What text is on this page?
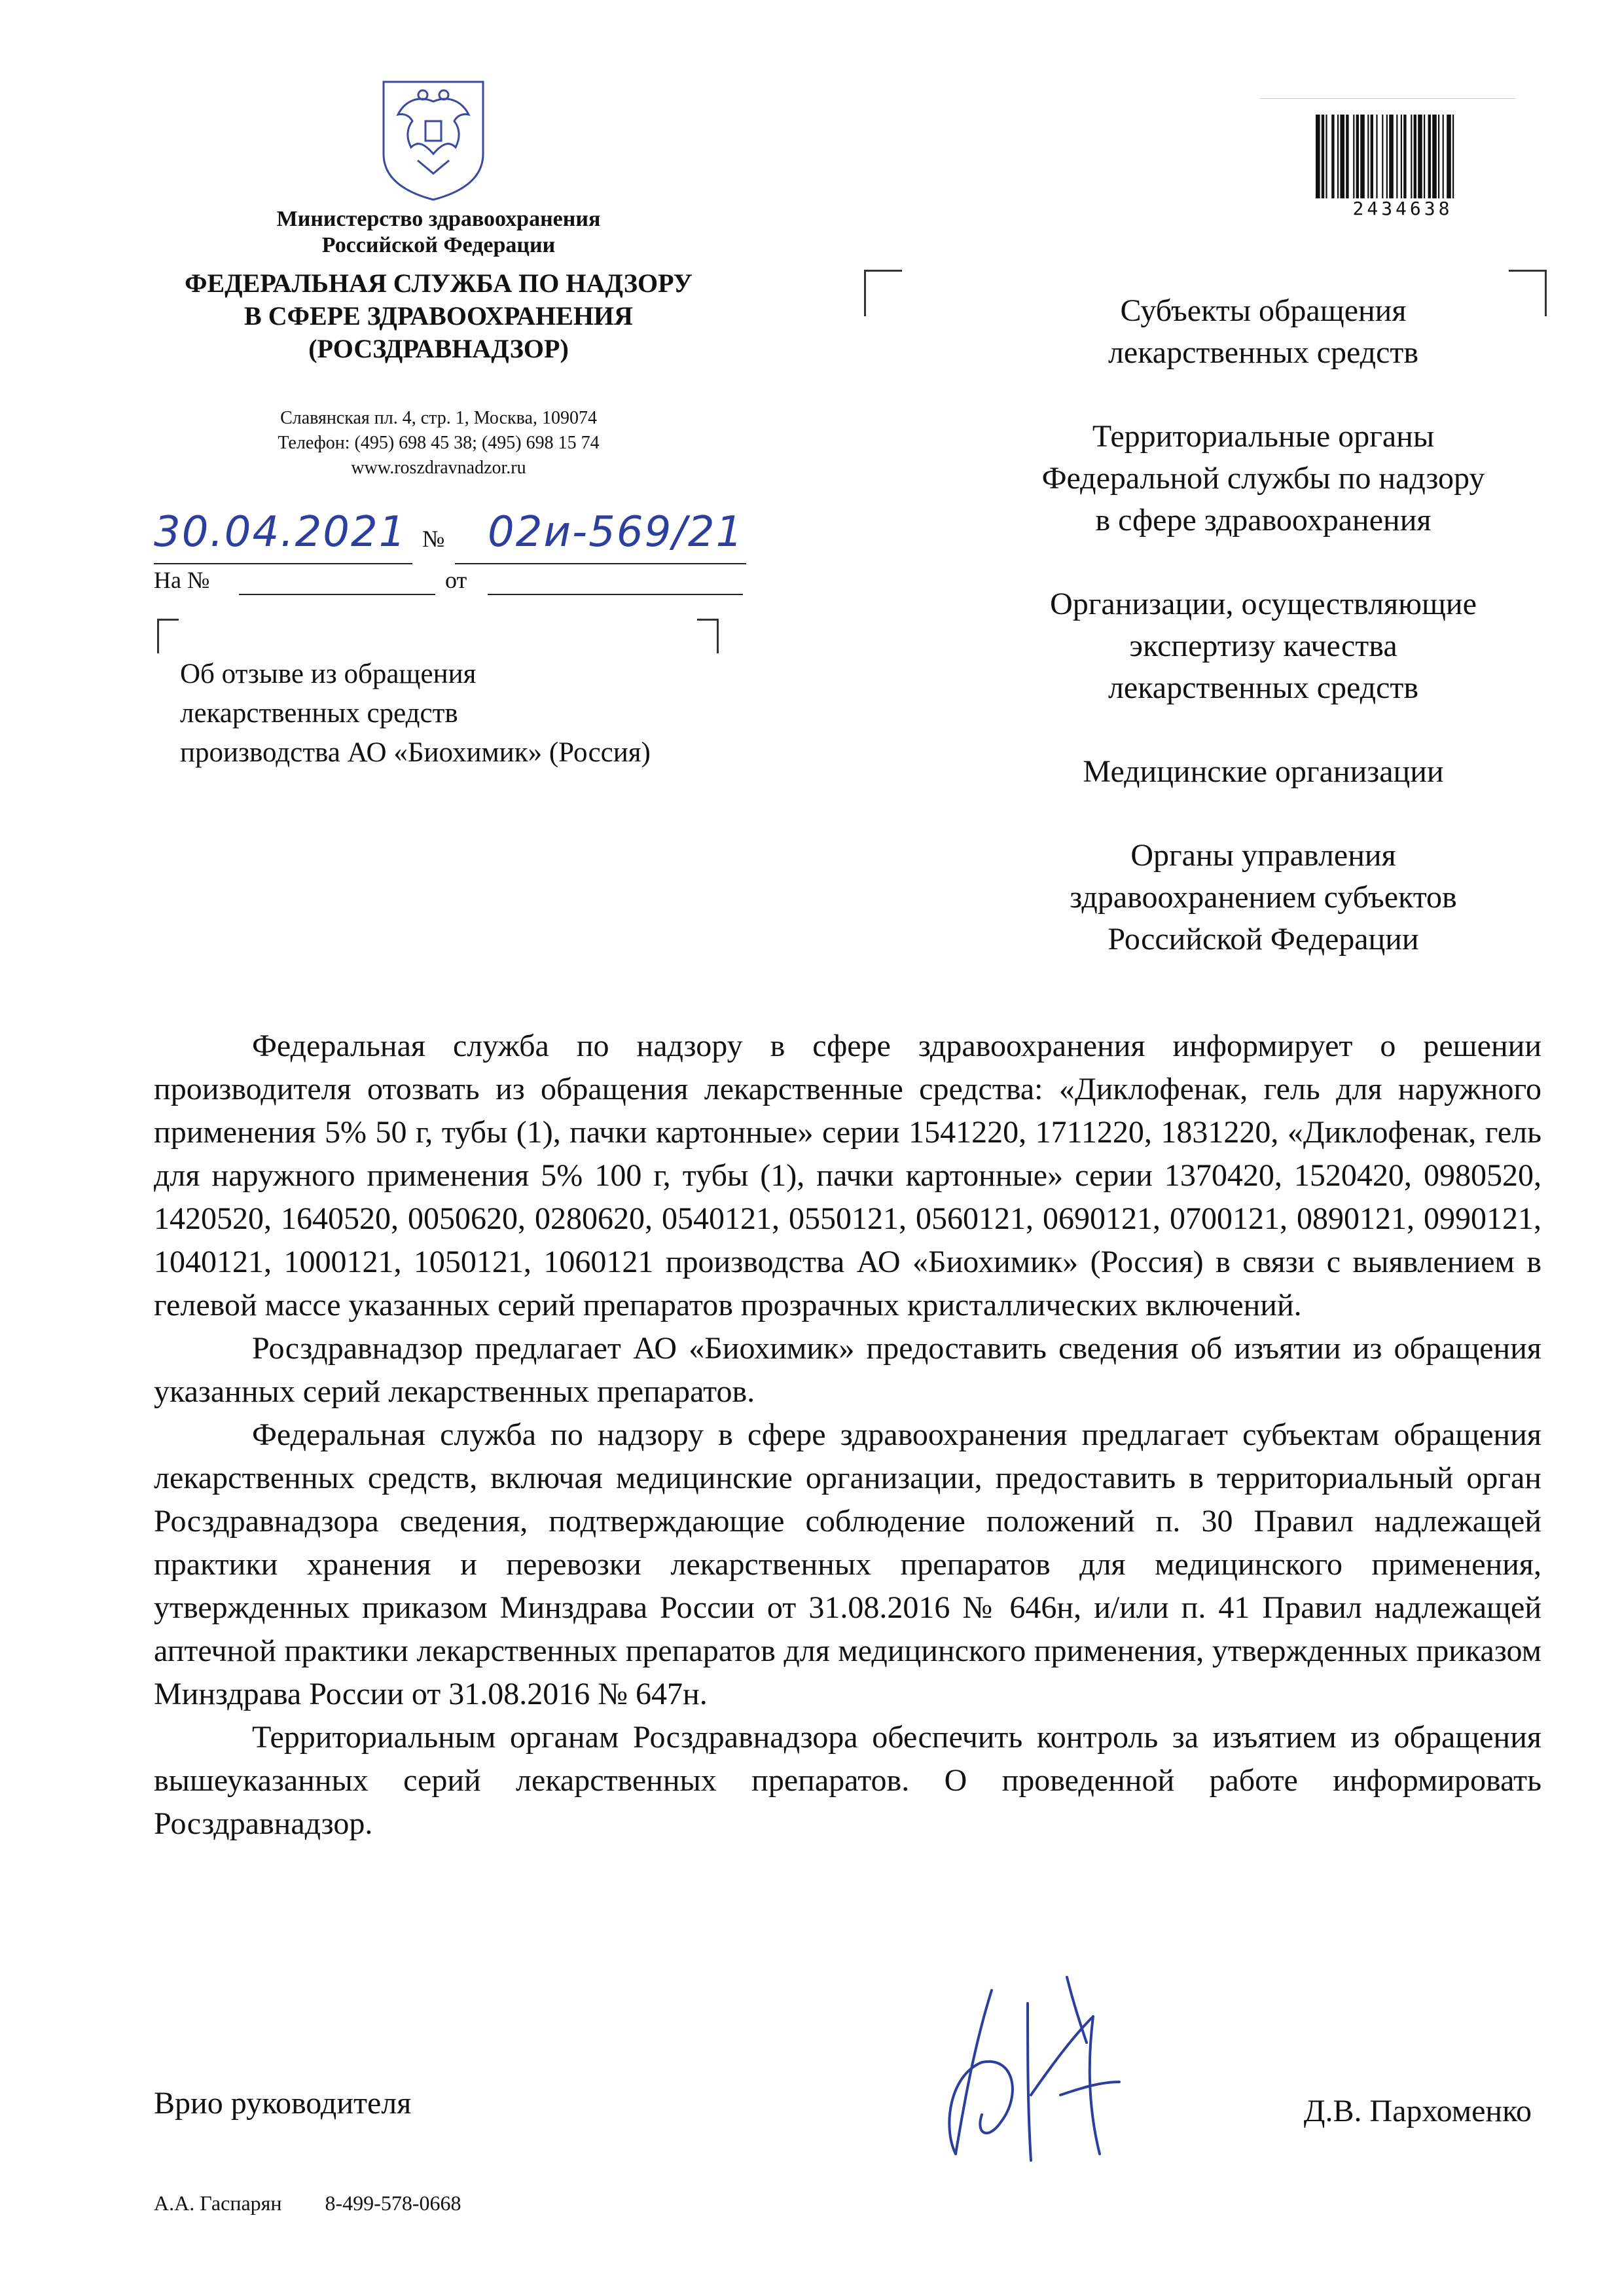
Министерство здравоохранения
Российской Федерации
ФЕДЕРАЛЬНАЯ СЛУЖБА ПО НАДЗОРУ
В СФЕРЕ ЗДРАВООХРАНЕНИЯ
(РОСЗДРАВНАДЗОР)
Славянская пл. 4, стр. 1, Москва, 109074
Телефон: (495) 698 45 38; (495) 698 15 74
www.roszdravnadzor.ru
30.04.2021 № 02и-569/21
На №	от
Об отзыве из обращения
лекарственных средств
производства АО «Биохимик» (Россия)
2434638

Субъекты обращения
лекарственных средств

Территориальные органы
Федеральной службы по надзору
в сфере здравоохранения

Организации, осуществляющие
экспертизу качества
лекарственных средств

Медицинские организации

Органы управления
здравоохранением субъектов
Российской Федерации

Федеральная служба по надзору в сфере здравоохранения информирует о решении производителя отозвать из обращения лекарственные средства: «Диклофенак, гель для наружного применения 5% 50 г, тубы (1), пачки картонные» серии 1541220, 1711220, 1831220, «Диклофенак, гель для наружного применения 5% 100 г, тубы (1), пачки картонные» серии 1370420, 1520420, 0980520, 1420520, 1640520, 0050620, 0280620, 0540121, 0550121, 0560121, 0690121, 0700121, 0890121, 0990121, 1040121, 1000121, 1050121, 1060121 производства АО «Биохимик» (Россия) в связи с выявлением в гелевой массе указанных серий препаратов прозрачных кристаллических включений.

Росздравнадзор предлагает АО «Биохимик» предоставить сведения об изъятии из обращения указанных серий лекарственных препаратов.

Федеральная служба по надзору в сфере здравоохранения предлагает субъектам обращения лекарственных средств, включая медицинские организации, предоставить в территориальный орган Росздравнадзора сведения, подтверждающие соблюдение положений п. 30 Правил надлежащей практики хранения и перевозки лекарственных препаратов для медицинского применения, утвержденных приказом Минздрава России от 31.08.2016 № 646н, и/или п. 41 Правил надлежащей аптечной практики лекарственных препаратов для медицинского применения, утвержденных приказом Минздрава России от 31.08.2016 № 647н.

Территориальным органам Росздравнадзора обеспечить контроль за изъятием из обращения вышеуказанных серий лекарственных препаратов. О проведенной работе информировать Росздравнадзор.

Врио руководителя	Д.В. Пархоменко
А.А. Гаспарян 8-499-578-0668
